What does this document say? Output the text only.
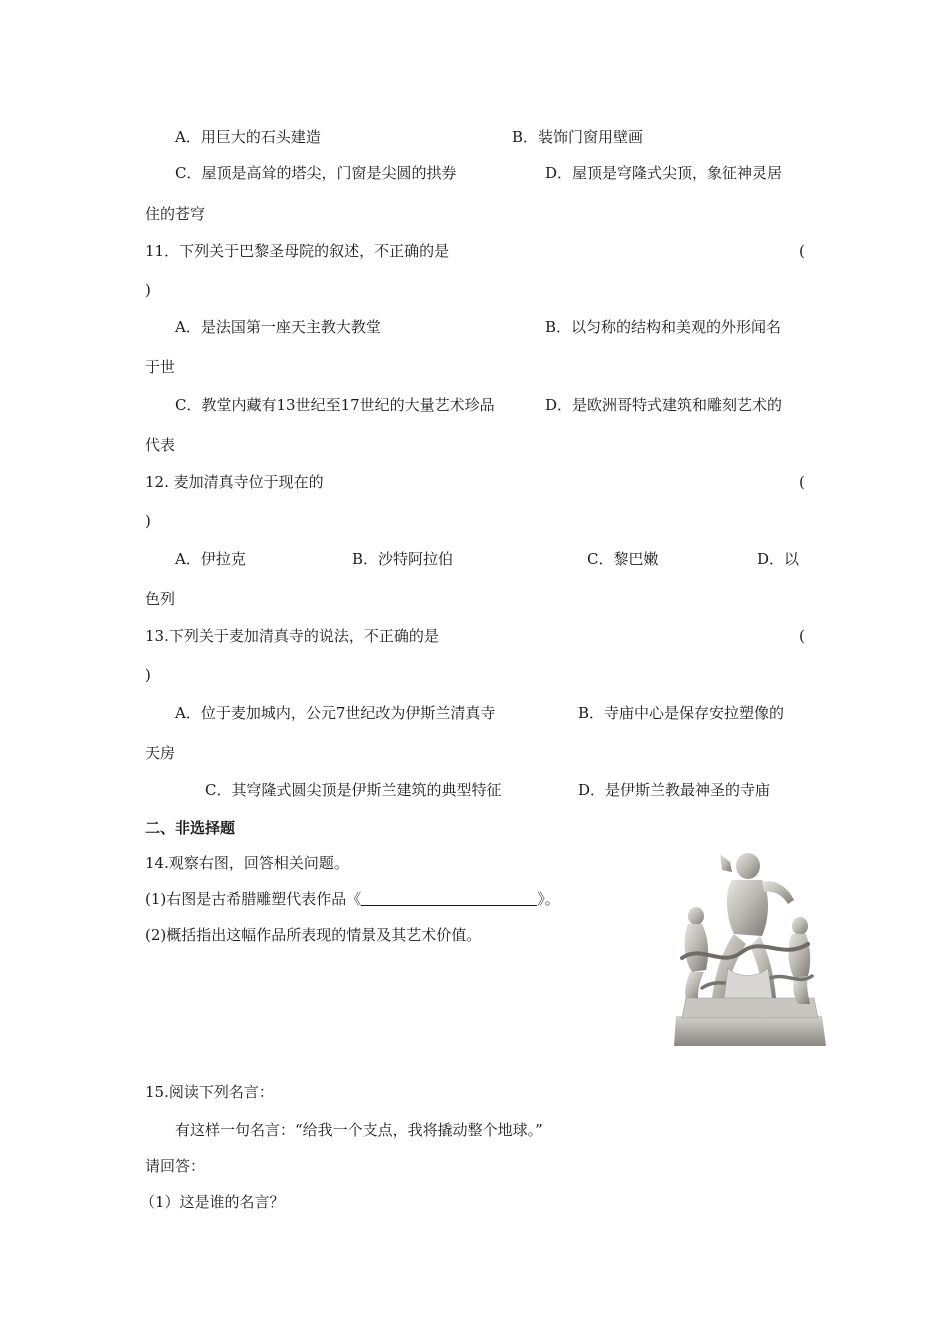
A．用巨大的石头建造	B．装饰门窗用壁画
C．屋顶是高耸的塔尖，门窗是尖圆的拱券	D．屋顶是穹隆式尖顶，象征神灵居
住的苍穹
11．下列关于巴黎圣母院的叙述，不正确的是	(
)
A．是法国第一座天主教大教堂	B．以匀称的结构和美观的外形闻名
于世
C．教堂内藏有13世纪至17世纪的大量艺术珍品	D．是欧洲哥特式建筑和雕刻艺术的
代表
12. 麦加清真寺位于现在的	(
)
A．伊拉克	B．沙特阿拉伯	C．黎巴嫩	D．以
色列
13.下列关于麦加清真寺的说法，不正确的是	(
)
A．位于麦加城内，公元7世纪改为伊斯兰清真寺	B．寺庙中心是保存安拉塑像的
天房
C．其穹隆式圆尖顶是伊斯兰建筑的典型特征	D．是伊斯兰教最神圣的寺庙
二、非选择题
14.观察右图，回答相关问题。
(1)右图是古希腊雕塑代表作品《	》。
(2)概括指出这幅作品所表现的情景及其艺术价值。
15.阅读下列名言：
有这样一句名言：“给我一个支点，我将撬动整个地球。”
请回答：
（1）这是谁的名言？
